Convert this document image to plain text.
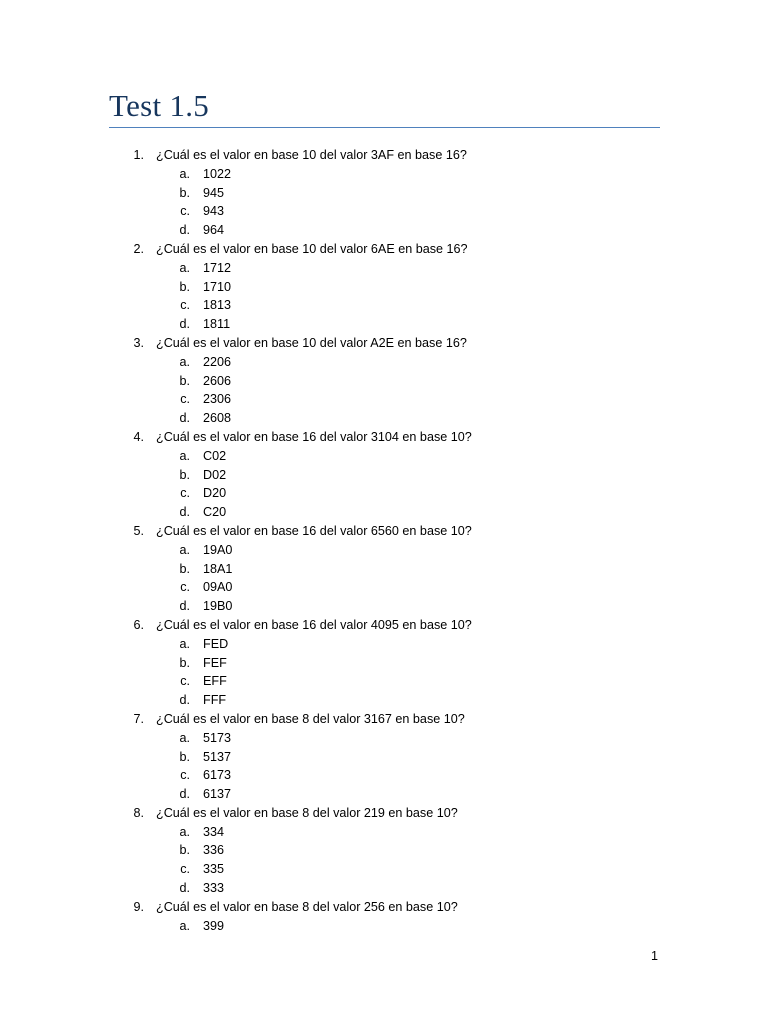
Test 1.5
1. ¿Cuál es el valor en base 10 del valor 3AF en base 16?
a. 1022
b. 945
c. 943
d. 964
2. ¿Cuál es el valor en base 10 del valor 6AE en base 16?
a. 1712
b. 1710
c. 1813
d. 1811
3. ¿Cuál es el valor en base 10 del valor A2E en base 16?
a. 2206
b. 2606
c. 2306
d. 2608
4. ¿Cuál es el valor en base 16 del valor 3104 en base 10?
a. C02
b. D02
c. D20
d. C20
5. ¿Cuál es el valor en base 16 del valor 6560 en base 10?
a. 19A0
b. 18A1
c. 09A0
d. 19B0
6. ¿Cuál es el valor en base 16 del valor 4095 en base 10?
a. FED
b. FEF
c. EFF
d. FFF
7. ¿Cuál es el valor en base 8 del valor 3167 en base 10?
a. 5173
b. 5137
c. 6173
d. 6137
8. ¿Cuál es el valor en base 8 del valor 219 en base 10?
a. 334
b. 336
c. 335
d. 333
9. ¿Cuál es el valor en base 8 del valor 256 en base 10?
a. 399
1
